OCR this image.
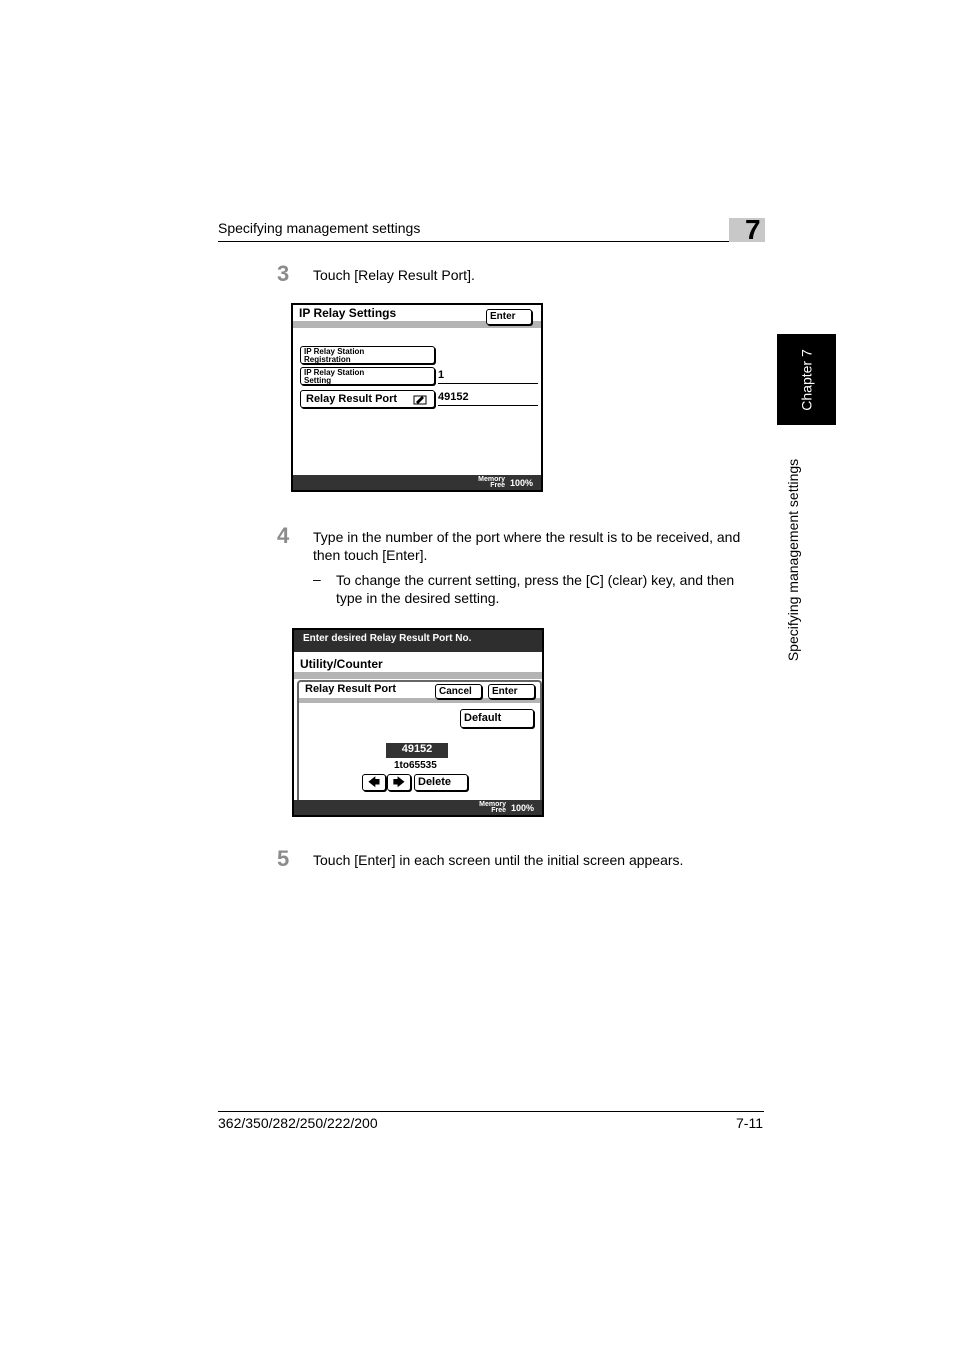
Specifying management settings	7
Chapter 7
Specifying management settings
3 Touch [Relay Result Port].
IP Relay Settings	Enter
IP Relay Station
Registration
IP Relay Station
Setting	1
Relay Result Port	49152
Memory
Free 100%
4 Type in the number of the port where the result is to be received, and
then touch [Enter].
– To change the current setting, press the [C] (clear) key, and then
type in the desired setting.
Enter desired Relay Result Port No.
Utility/Counter
Relay Result Port	Cancel	Enter
Default
49152
1to65535
🡄	🡆	Delete
Memory
Free 100%
5 Touch [Enter] in each screen until the initial screen appears.
362/350/282/250/222/200	7-11
